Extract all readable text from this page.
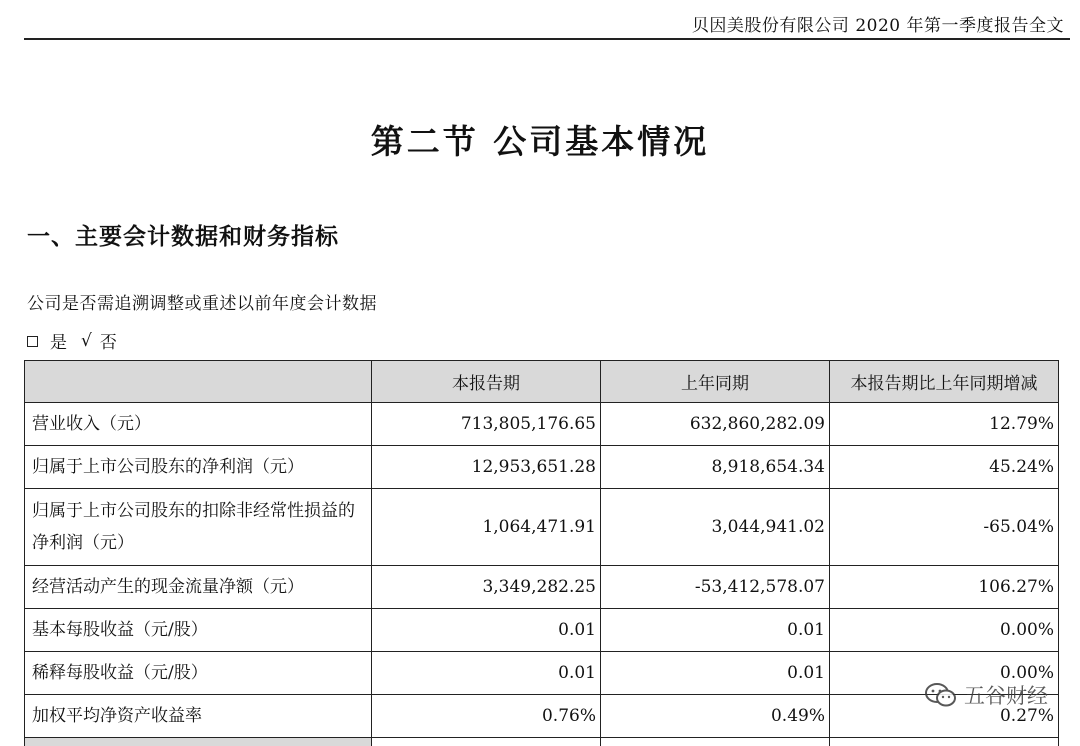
贝因美股份有限公司 2020 年第一季度报告全文
第二节 公司基本情况
一、主要会计数据和财务指标
公司是否需追溯调整或重述以前年度会计数据
是 √ 否
	本报告期	上年同期	本报告期比上年同期增减
营业收入（元）	713,805,176.65	632,860,282.09	12.79%
归属于上市公司股东的净利润（元）	12,953,651.28	8,918,654.34	45.24%
归属于上市公司股东的扣除非经常性损益的净利润（元）	1,064,471.91	3,044,941.02	-65.04%
经营活动产生的现金流量净额（元）	3,349,282.25	-53,412,578.07	106.27%
基本每股收益（元/股）	0.01	0.01	0.00%
稀释每股收益（元/股）	0.01	0.01	0.00%
加权平均净资产收益率	0.76%	0.49%	0.27%

五谷财经
